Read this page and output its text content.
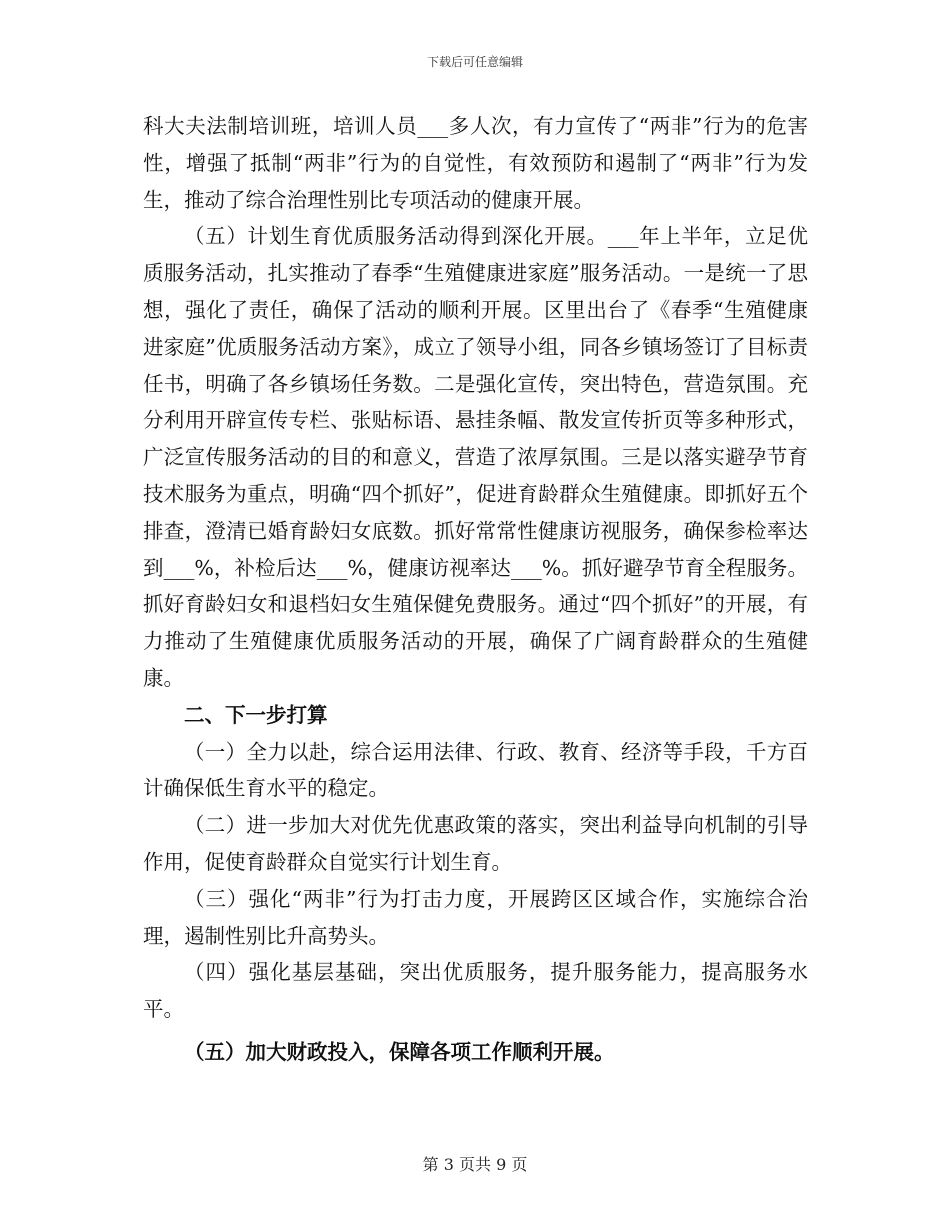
下载后可任意编辑

科大夫法制培训班，培训人员___多人次，有力宣传了“两非”行为的危害性，增强了抵制“两非”行为的自觉性，有效预防和遏制了“两非”行为发生，推动了综合治理性别比专项活动的健康开展。

（五）计划生育优质服务活动得到深化开展。___年上半年，立足优质服务活动，扎实推动了春季“生殖健康进家庭”服务活动。一是统一了思想，强化了责任，确保了活动的顺利开展。区里出台了《春季“生殖健康进家庭”优质服务活动方案》，成立了领导小组，同各乡镇场签订了目标责任书，明确了各乡镇场任务数。二是强化宣传，突出特色，营造氛围。充分利用开辟宣传专栏、张贴标语、悬挂条幅、散发宣传折页等多种形式，广泛宣传服务活动的目的和意义，营造了浓厚氛围。三是以落实避孕节育技术服务为重点，明确“四个抓好”，促进育龄群众生殖健康。即抓好五个排查，澄清已婚育龄妇女底数。抓好常常性健康访视服务，确保参检率达到___%，补检后达___%，健康访视率达___%。抓好避孕节育全程服务。抓好育龄妇女和退档妇女生殖保健免费服务。通过“四个抓好”的开展，有力推动了生殖健康优质服务活动的开展，确保了广阔育龄群众的生殖健康。

二、下一步打算

（一）全力以赴，综合运用法律、行政、教育、经济等手段，千方百计确保低生育水平的稳定。

（二）进一步加大对优先优惠政策的落实，突出利益导向机制的引导作用，促使育龄群众自觉实行计划生育。

（三）强化“两非”行为打击力度，开展跨区区域合作，实施综合治理，遏制性别比升高势头。

（四）强化基层基础，突出优质服务，提升服务能力，提高服务水平。

（五）加大财政投入，保障各项工作顺利开展。

第 3 页共 9 页
